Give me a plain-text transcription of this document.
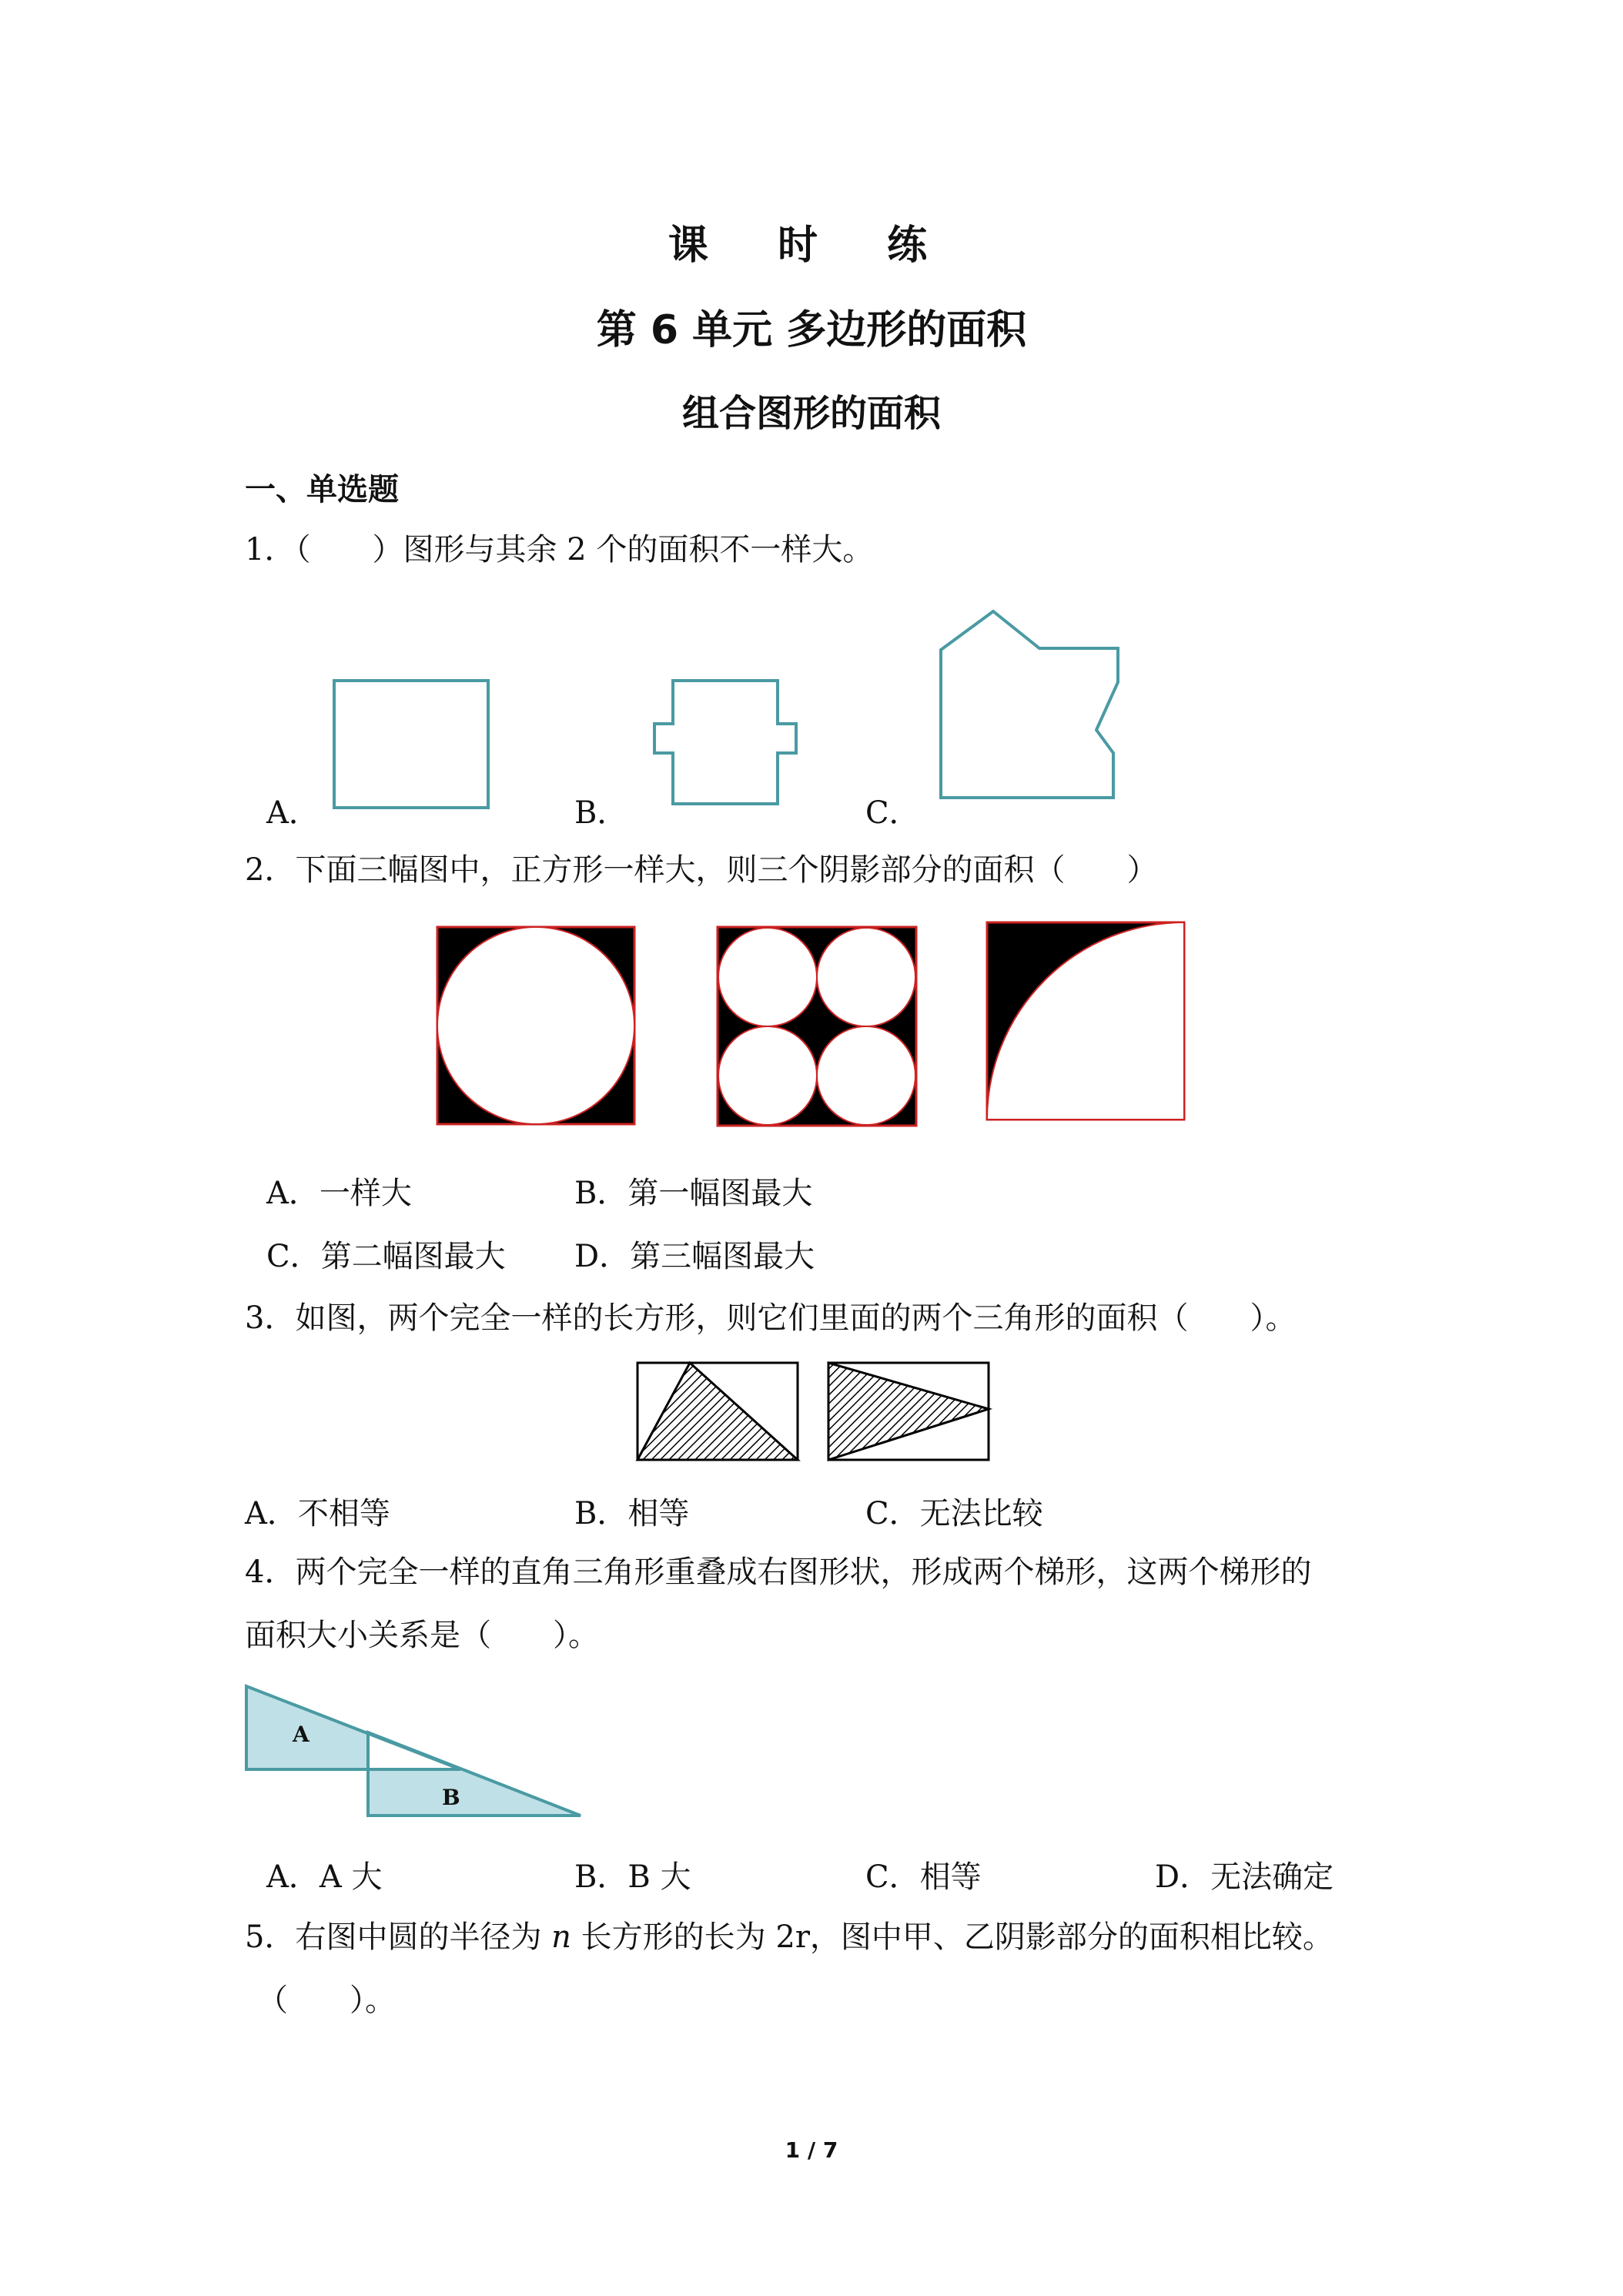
课 时 练
第 6 单元 多边形的面积
组合图形的面积
一、单选题
1．（　　）图形与其余 2 个的面积不一样大。
A．	B．	C．
2．下面三幅图中，正方形一样大，则三个阴影部分的面积（　　）
A．一样大	B．第一幅图最大
C．第二幅图最大 D．第三幅图最大
3．如图，两个完全一样的长方形，则它们里面的两个三角形的面积（　　）。
A．不相等	B．相等	C．无法比较
4．两个完全一样的直角三角形重叠成右图形状，形成两个梯形，这两个梯形的
面积大小关系是（　　）。
A
B
A．A 大	B．B 大	C．相等	D．无法确定
5．右图中圆的半径为 n 长方形的长为 2r，图中甲、乙阴影部分的面积相比较。
（　　）。
1 / 7
